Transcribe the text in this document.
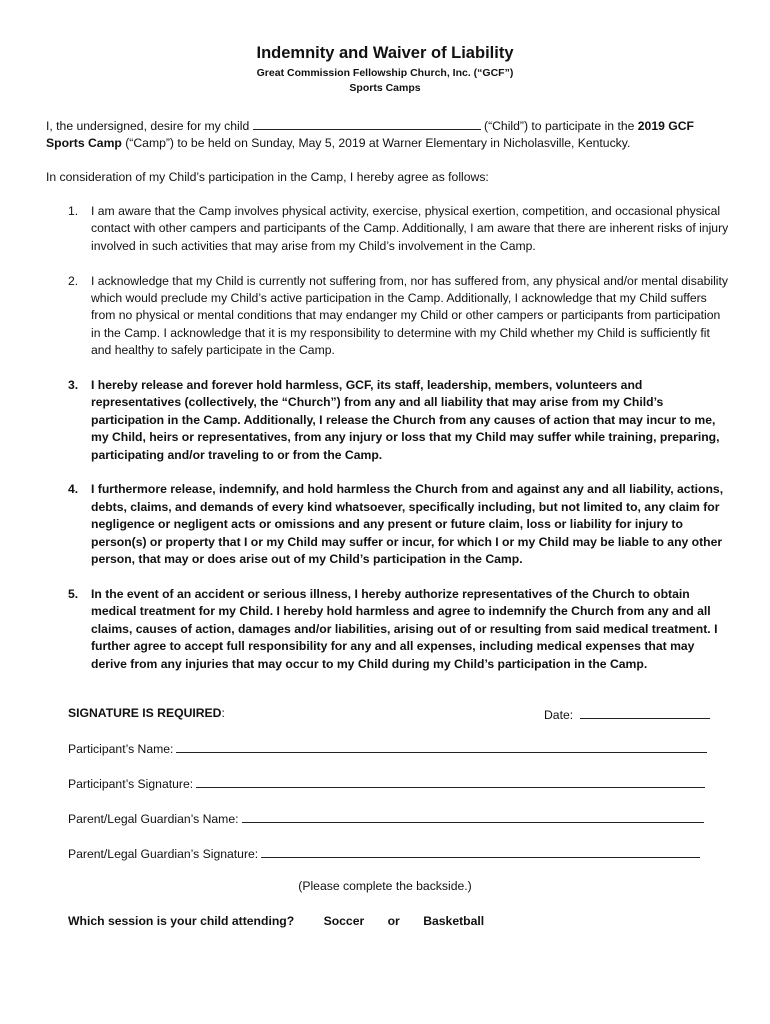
Indemnity and Waiver of Liability
Great Commission Fellowship Church, Inc. (“GCF”)
Sports Camps

I, the undersigned, desire for my child	(“Child”) to participate in the 2019 GCF Sports Camp (“Camp”) to be held on Sunday, May 5, 2019 at Warner Elementary in Nicholasville, Kentucky.

In consideration of my Child’s participation in the Camp, I hereby agree as follows:

1. I am aware that the Camp involves physical activity, exercise, physical exertion, competition, and occasional physical contact with other campers and participants of the Camp. Additionally, I am aware that there are inherent risks of injury involved in such activities that may arise from my Child’s involvement in the Camp.
2. I acknowledge that my Child is currently not suffering from, nor has suffered from, any physical and/or mental disability which would preclude my Child’s active participation in the Camp. Additionally, I acknowledge that my Child suffers from no physical or mental conditions that may endanger my Child or other campers or participants from participation in the Camp. I acknowledge that it is my responsibility to determine with my Child whether my Child is sufficiently fit and healthy to safely participate in the Camp.
3. I hereby release and forever hold harmless, GCF, its staff, leadership, members, volunteers and representatives (collectively, the “Church”) from any and all liability that may arise from my Child’s participation in the Camp. Additionally, I release the Church from any causes of action that may incur to me, my Child, heirs or representatives, from any injury or loss that my Child may suffer while training, preparing, participating and/or traveling to or from the Camp.
4. I furthermore release, indemnify, and hold harmless the Church from and against any and all liability, actions, debts, claims, and demands of every kind whatsoever, specifically including, but not limited to, any claim for negligence or negligent acts or omissions and any present or future claim, loss or liability for injury to person(s) or property that I or my Child may suffer or incur, for which I or my Child may be liable to any other person, that may or does arise out of my Child’s participation in the Camp.
5. In the event of an accident or serious illness, I hereby authorize representatives of the Church to obtain medical treatment for my Child. I hereby hold harmless and agree to indemnify the Church from any and all claims, causes of action, damages and/or liabilities, arising out of or resulting from said medical treatment. I further agree to accept full responsibility for any and all expenses, including medical expenses that may derive from any injuries that may occur to my Child during my Child’s participation in the Camp.
SIGNATURE IS REQUIRED:	Date:
Participant’s Name:
Participant’s Signature:
Parent/Legal Guardian’s Name:
Parent/Legal Guardian’s Signature:
(Please complete the backside.)
Which session is your child attending? Soccer or Basketball
